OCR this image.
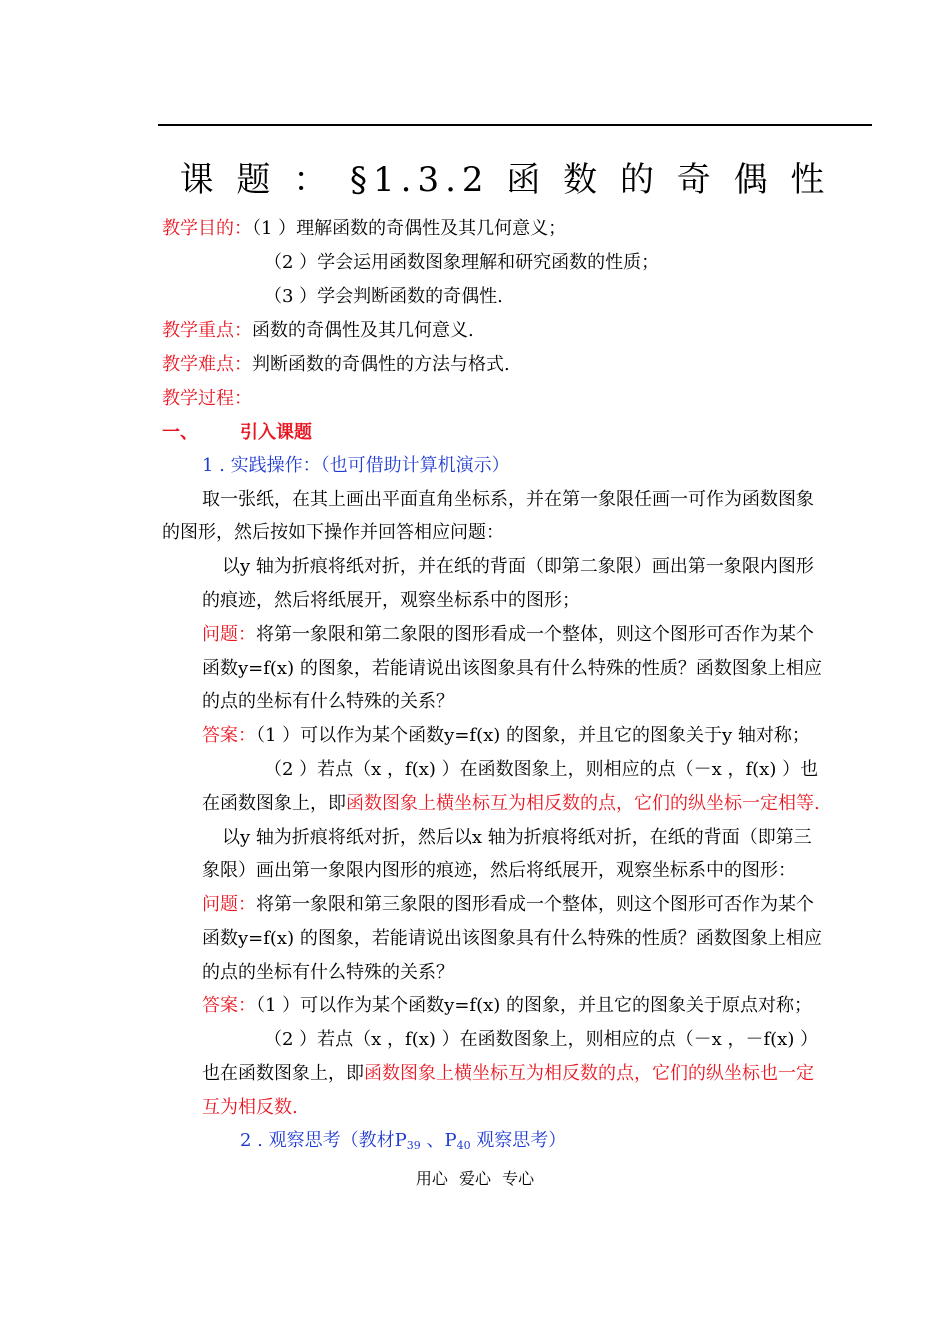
课 题 ： §1.3.2 函 数 的 奇 偶 性
教学目的：（1 ）理解函数的奇偶性及其几何意义；
（2 ）学会运用函数图象理解和研究函数的性质；
（3 ）学会判断函数的奇偶性.
教学重点：函数的奇偶性及其几何意义.
教学难点：判断函数的奇偶性的方法与格式.
教学过程：
一、 引入课题
1 . 实践操作：（也可借助计算机演示）
取一张纸，在其上画出平面直角坐标系，并在第一象限任画一可作为函数图象
的图形，然后按如下操作并回答相应问题：
以y 轴为折痕将纸对折，并在纸的背面（即第二象限）画出第一象限内图形
的痕迹，然后将纸展开，观察坐标系中的图形；
问题：将第一象限和第二象限的图形看成一个整体，则这个图形可否作为某个
函数y=f(x) 的图象，若能请说出该图象具有什么特殊的性质？函数图象上相应
的点的坐标有什么特殊的关系？
答案：（1 ）可以作为某个函数y=f(x) 的图象，并且它的图象关于y 轴对称；
（2 ）若点（x ，f(x) ）在函数图象上，则相应的点（－x ，f(x) ）也
在函数图象上，即函数图象上横坐标互为相反数的点，它们的纵坐标一定相等.
以y 轴为折痕将纸对折，然后以x 轴为折痕将纸对折，在纸的背面（即第三
象限）画出第一象限内图形的痕迹，然后将纸展开，观察坐标系中的图形：
问题：将第一象限和第三象限的图形看成一个整体，则这个图形可否作为某个
函数y=f(x) 的图象，若能请说出该图象具有什么特殊的性质？函数图象上相应
的点的坐标有什么特殊的关系？
答案：（1 ）可以作为某个函数y=f(x) 的图象，并且它的图象关于原点对称；
（2 ）若点（x ，f(x) ）在函数图象上，则相应的点（－x ，－f(x) ）
也在函数图象上，即函数图象上横坐标互为相反数的点，它们的纵坐标也一定
互为相反数.
2 . 观察思考（教材$P_{39}$ 、$P_{40}$ 观察思考）
用心 爱心 专心
